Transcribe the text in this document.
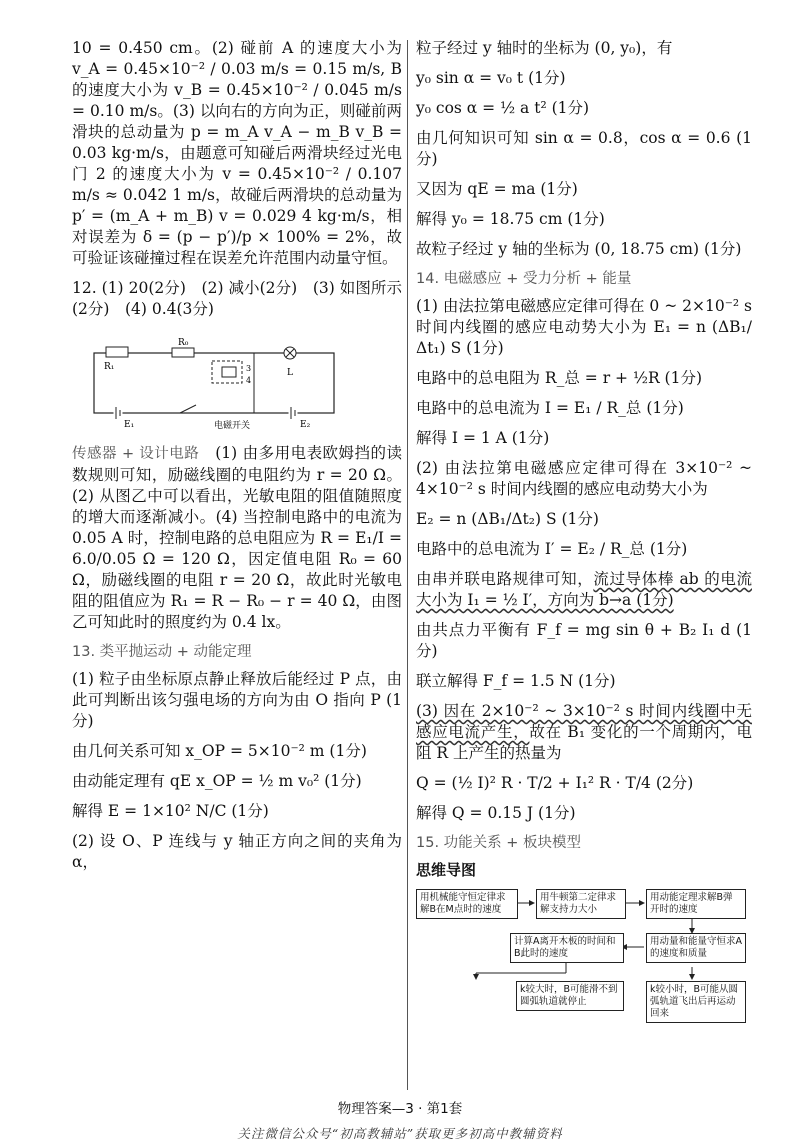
10 = 0.450 cm。(2) 碰前 A 的速度大小为 v_A = 0.45×10⁻² / 0.03 m/s = 0.15 m/s, B 的速度大小为 v_B = 0.45×10⁻² / 0.045 m/s = 0.10 m/s。(3) 以向右的方向为正，则碰前两滑块的总动量为 p = m_A v_A − m_B v_B = 0.03 kg·m/s，由题意可知碰后两滑块经过光电门 2 的速度大小为 v = 0.45×10⁻² / 0.107 m/s ≈ 0.042 1 m/s，故碰后两滑块的总动量为 p′ = (m_A + m_B) v = 0.029 4 kg·m/s，相对误差为 δ = (p − p′)/p × 100% = 2%，故可验证该碰撞过程在误差允许范围内动量守恒。

12. (1) 20(2分)　(2) 减小(2分)　(3) 如图所示(2分)　(4) 0.4(3分)

R₁
R₀
3
4
L
E₁	E₂
电磁开关

传感器 + 设计电路　 (1) 由多用电表欧姆挡的读数规则可知，励磁线圈的电阻约为 r = 20 Ω。(2) 从图乙中可以看出，光敏电阻的阻值随照度的增大而逐渐减小。(4) 当控制电路中的电流为 0.05 A 时，控制电路的总电阻应为 R = E₁/I = 6.0/0.05 Ω = 120 Ω，因定值电阻 R₀ = 60 Ω，励磁线圈的电阻 r = 20 Ω，故此时光敏电阻的阻值应为 R₁ = R − R₀ − r = 40 Ω，由图乙可知此时的照度约为 0.4 lx。

13. 类平抛运动 + 动能定理

(1) 粒子由坐标原点静止释放后能经过 P 点，由此可判断出该匀强电场的方向为由 O 指向 P (1分)

由几何关系可知 x_OP = 5×10⁻² m (1分)

由动能定理有 qE x_OP = ½ m v₀² (1分)

解得 E = 1×10² N/C (1分)

(2) 设 O、P 连线与 y 轴正方向之间的夹角为 α，

粒子经过 y 轴时的坐标为 (0, y₀)，有

y₀ sin α = v₀ t (1分)

y₀ cos α = ½ a t² (1分)

由几何知识可知 sin α = 0.8，cos α = 0.6 (1分)

又因为 qE = ma (1分)

解得 y₀ = 18.75 cm (1分)

故粒子经过 y 轴的坐标为 (0, 18.75 cm) (1分)

14. 电磁感应 + 受力分析 + 能量

(1) 由法拉第电磁感应定律可得在 0 ~ 2×10⁻² s 时间内线圈的感应电动势大小为 E₁ = n (ΔB₁/Δt₁) S (1分)

电路中的总电阻为 R_总 = r + ½R (1分)

电路中的总电流为 I = E₁ / R_总 (1分)

解得 I = 1 A (1分)

(2) 由法拉第电磁感应定律可得在 3×10⁻² ~ 4×10⁻² s 时间内线圈的感应电动势大小为

E₂ = n (ΔB₁/Δt₂) S (1分)

电路中的总电流为 I′ = E₂ / R_总 (1分)

由串并联电路规律可知，流过导体棒 ab 的电流大小为 I₁ = ½ I′，方向为 b→a (1分)

由共点力平衡有 F_f = mg sin θ + B₂ I₁ d (1分)

联立解得 F_f = 1.5 N (1分)

(3) 因在 2×10⁻² ~ 3×10⁻² s 时间内线圈中无感应电流产生，故在 B₁ 变化的一个周期内，电阻 R 上产生的热量为

Q = (½ I)² R · T/2 + I₁² R · T/4 (2分)

解得 Q = 0.15 J (1分)

15. 功能关系 + 板块模型
思维导图
用机械能守恒定律求解B在M点时的速度
用牛顿第二定律求解支持力大小
用动能定理求解B弹开时的速度
计算A离开木板的时间和B此时的速度
用动量和能量守恒求A的速度和质量
k较大时，B可能滑不到圆弧轨道就停止
k较小时，B可能从圆弧轨道飞出后再运动回来
物理答案—3 · 第1套
关注微信公众号“初高教辅站”获取更多初高中教辅资料
